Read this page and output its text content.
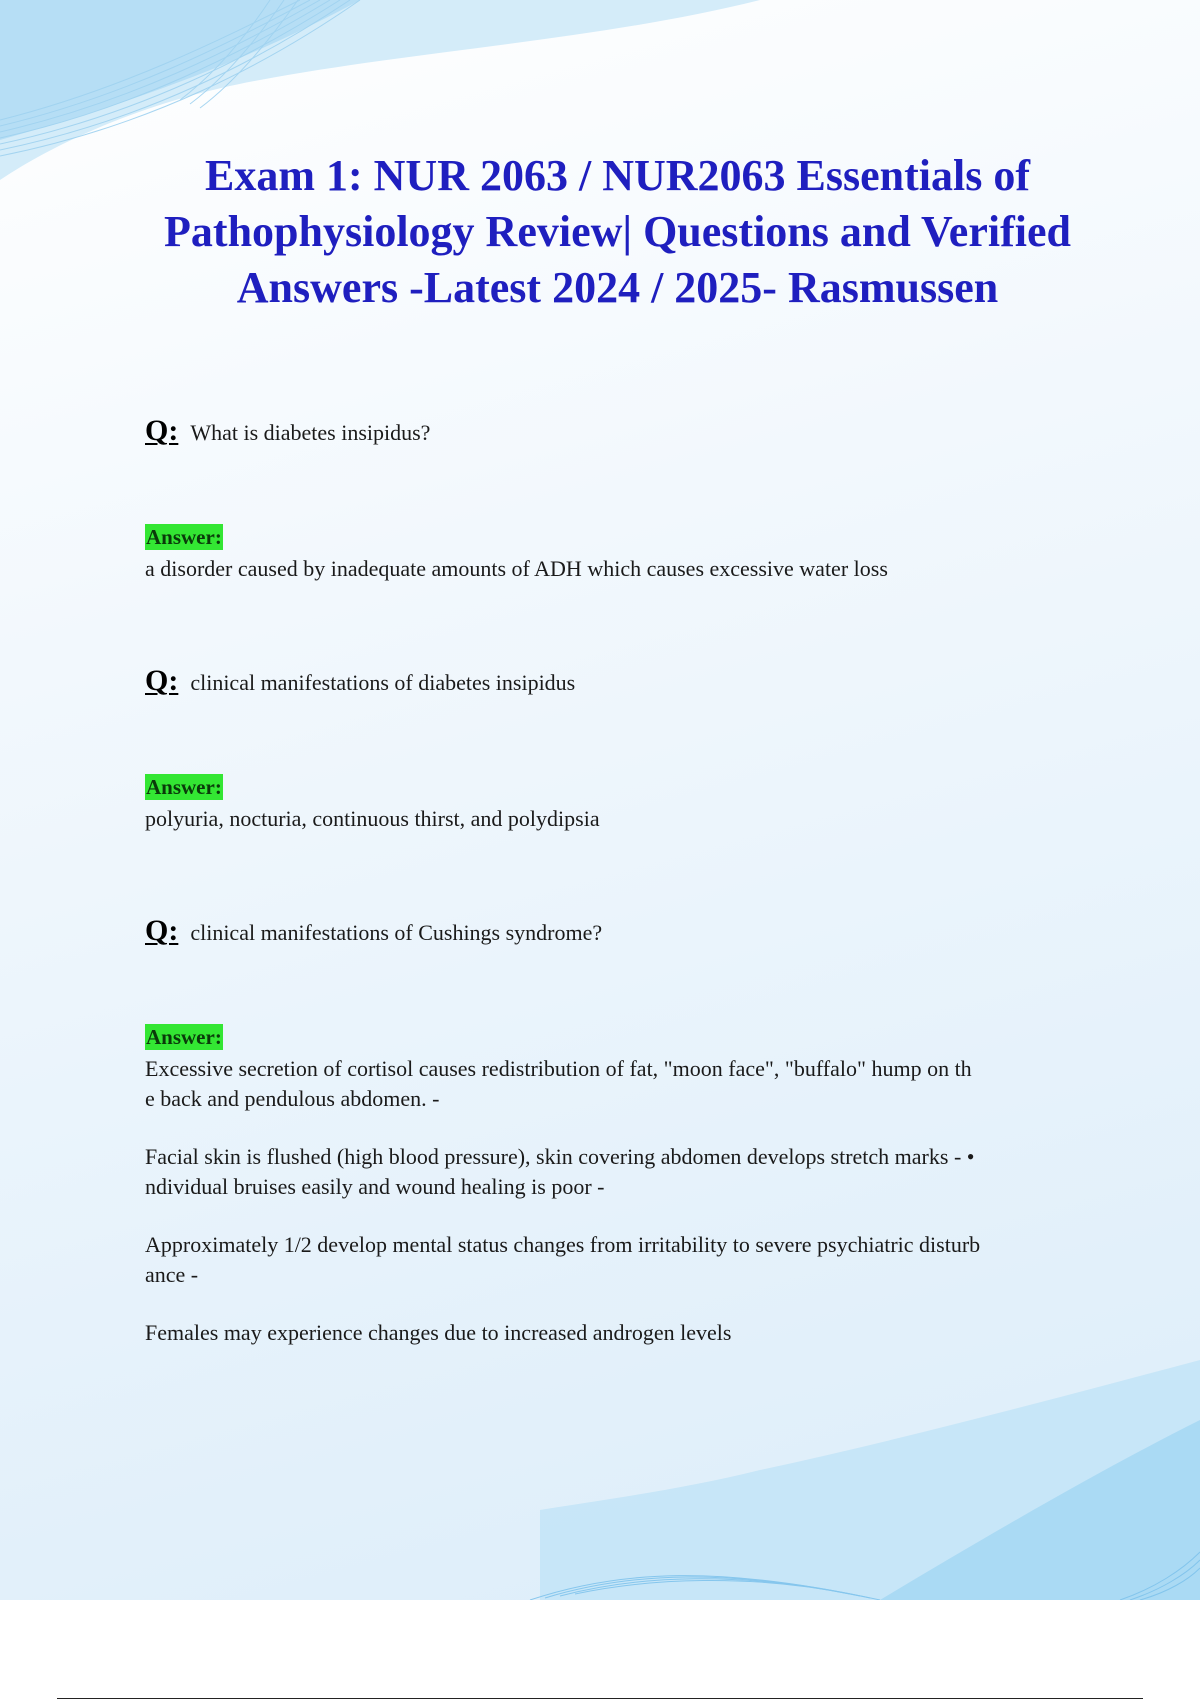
Exam 1: NUR 2063 / NUR2063 Essentials of Pathophysiology Review| Questions and Verified Answers -Latest 2024 / 2025- Rasmussen
Q: What is diabetes insipidus?
Answer:
a disorder caused by inadequate amounts of ADH which causes excessive water loss
Q: clinical manifestations of diabetes insipidus
Answer:
polyuria, nocturia, continuous thirst, and polydipsia
Q: clinical manifestations of Cushings syndrome?
Answer:
Excessive secretion of cortisol causes redistribution of fat, "moon face", "buffalo" hump on th
e back and pendulous abdomen. -
Facial skin is flushed (high blood pressure), skin covering abdomen develops stretch marks - •
ndividual bruises easily and wound healing is poor -
Approximately 1/2 develop mental status changes from irritability to severe psychiatric disturb
ance -
Females may experience changes due to increased androgen levels
